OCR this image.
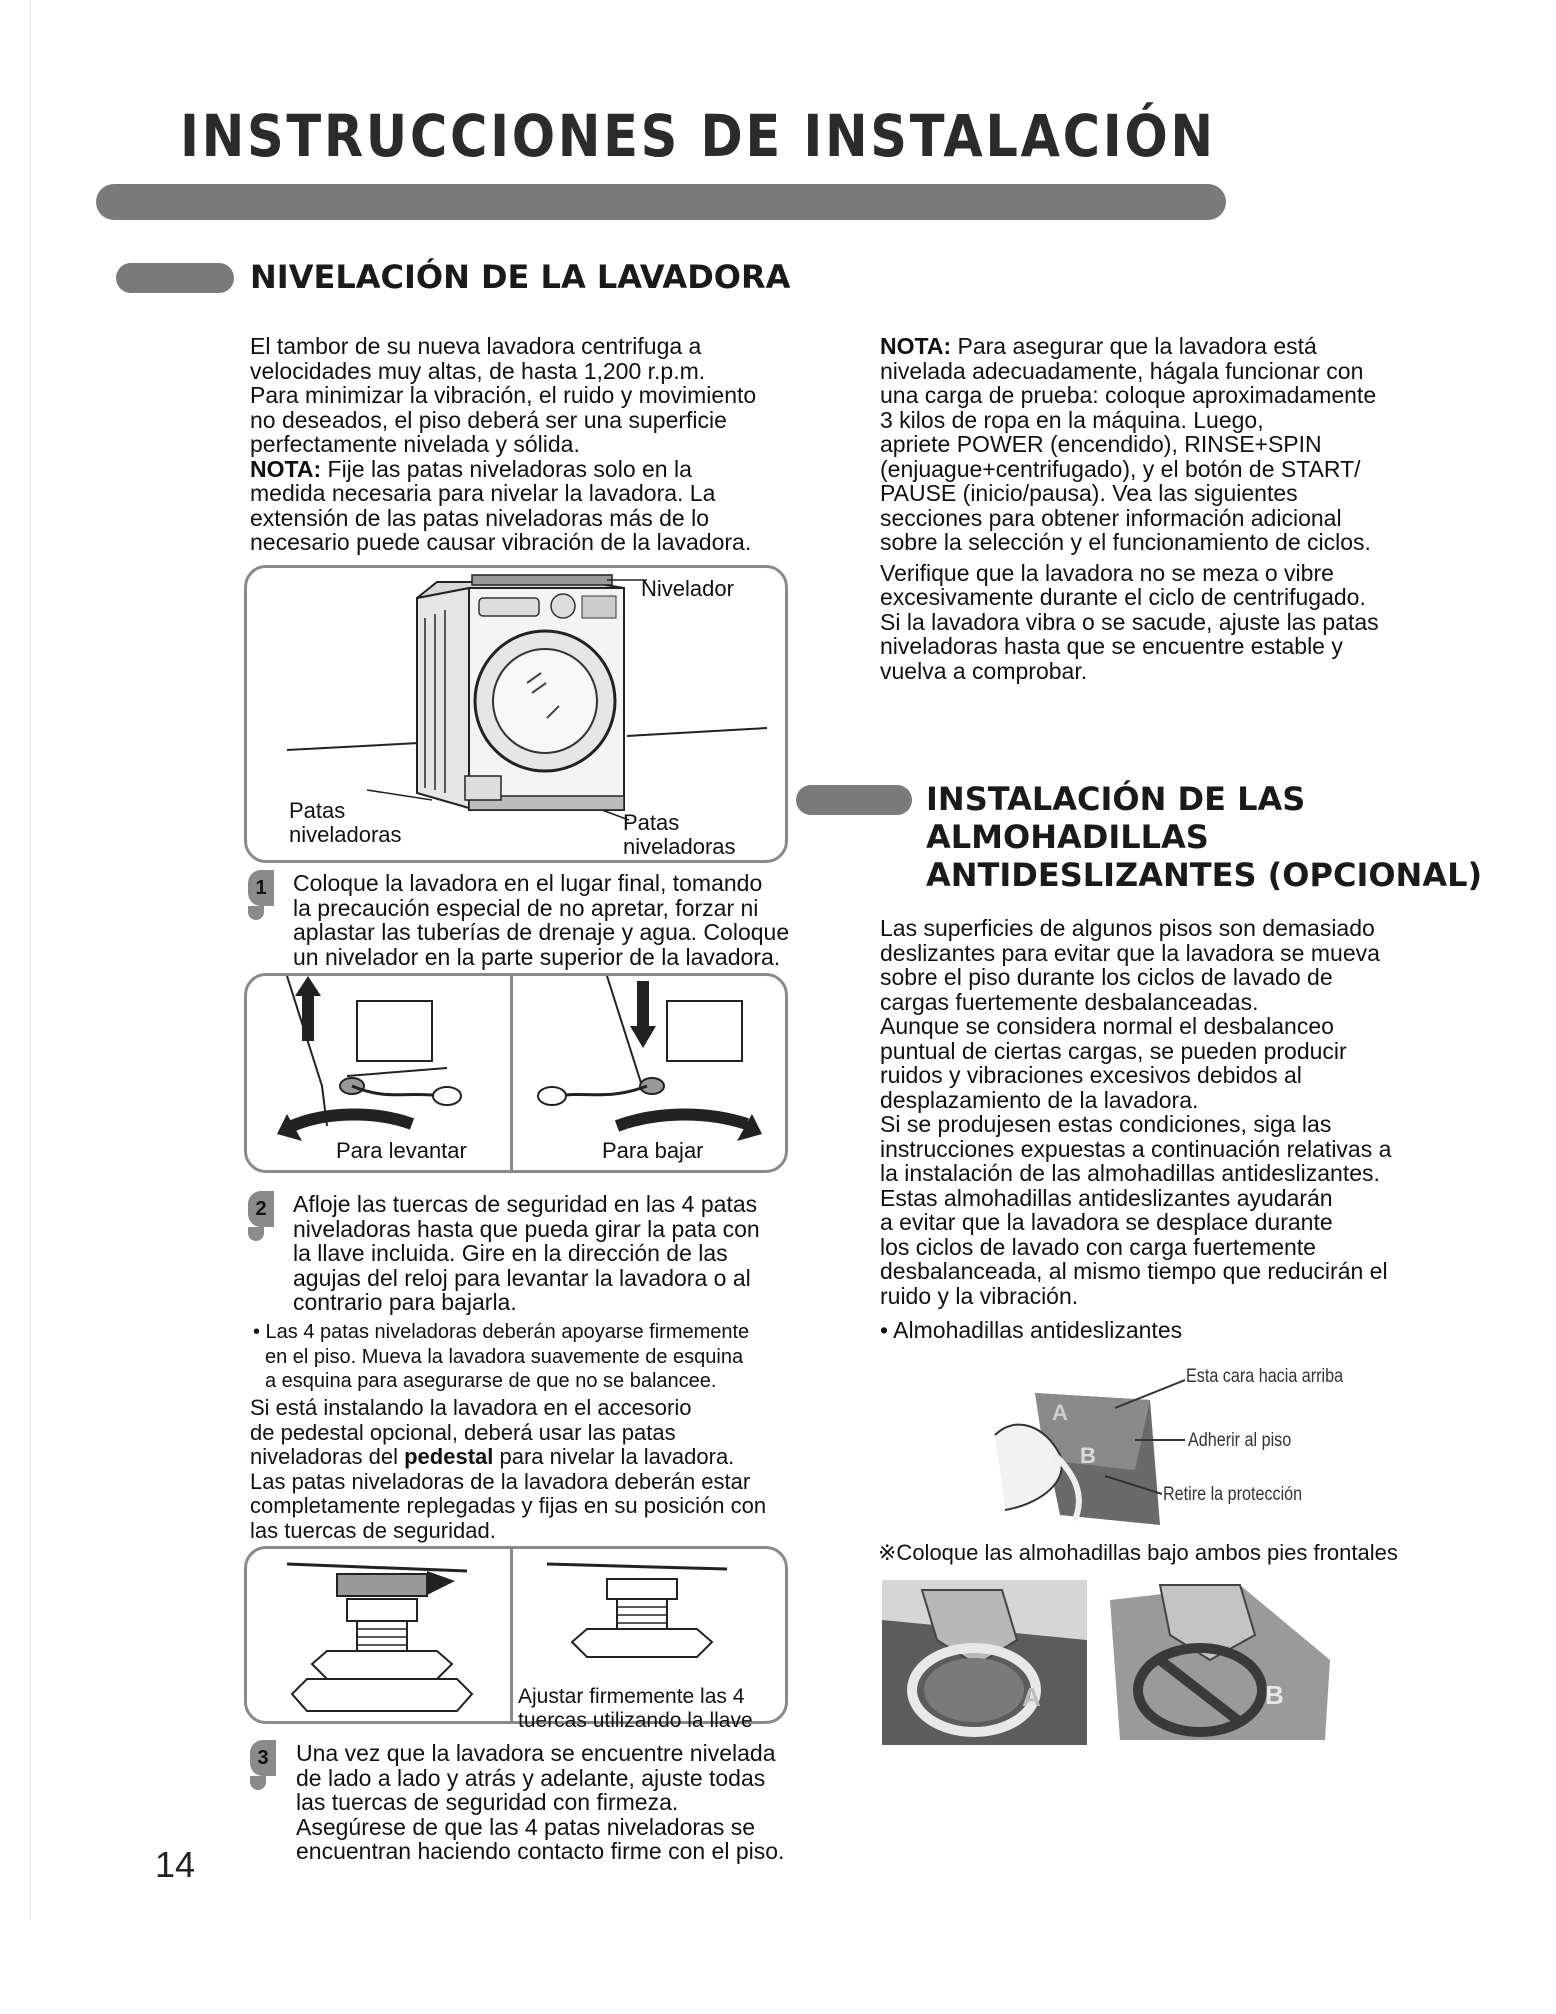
INSTRUCCIONES DE INSTALACIÓN
NIVELACIÓN DE LA LAVADORA
El tambor de su nueva lavadora centrifuga a
velocidades muy altas, de hasta 1,200 r.p.m.
Para minimizar la vibración, el ruido y movimiento
no deseados, el piso deberá ser una superficie
perfectamente nivelada y sólida.
NOTA: Fije las patas niveladoras solo en la
medida necesaria para nivelar la lavadora. La
extensión de las patas niveladoras más de lo
necesario puede causar vibración de la lavadora.
Nivelador
Patas
niveladoras	Patas
niveladoras
1	Coloque la lavadora en el lugar final, tomando
la precaución especial de no apretar, forzar ni
aplastar las tuberías de drenaje y agua. Coloque
un nivelador en la parte superior de la lavadora.
Para levantar	Para bajar
2	Afloje las tuercas de seguridad en las 4 patas
niveladoras hasta que pueda girar la pata con
la llave incluida. Gire en la dirección de las
agujas del reloj para levantar la lavadora o al
contrario para bajarla.
• Las 4 patas niveladoras deberán apoyarse firmemente
en el piso. Mueva la lavadora suavemente de esquina
a esquina para asegurarse de que no se balancee.
Si está instalando la lavadora en el accesorio
de pedestal opcional, deberá usar las patas
niveladoras del pedestal para nivelar la lavadora.
Las patas niveladoras de la lavadora deberán estar
completamente replegadas y fijas en su posición con
las tuercas de seguridad.
Ajustar firmemente las 4
tuercas utilizando la llave
3	Una vez que la lavadora se encuentre nivelada
de lado a lado y atrás y adelante, ajuste todas
las tuercas de seguridad con firmeza.
Asegúrese de que las 4 patas niveladoras se
encuentran haciendo contacto firme con el piso.
14
NOTA: Para asegurar que la lavadora está
nivelada adecuadamente, hágala funcionar con
una carga de prueba: coloque aproximadamente
3 kilos de ropa en la máquina. Luego,
apriete POWER (encendido), RINSE+SPIN
(enjuague+centrifugado), y el botón de START/
PAUSE (inicio/pausa). Vea las siguientes
secciones para obtener información adicional
sobre la selección y el funcionamiento de ciclos.
Verifique que la lavadora no se meza o vibre
excesivamente durante el ciclo de centrifugado.
Si la lavadora vibra o se sacude, ajuste las patas
niveladoras hasta que se encuentre estable y
vuelva a comprobar.
INSTALACIÓN DE LAS
ALMOHADILLAS
ANTIDESLIZANTES (OPCIONAL)
Las superficies de algunos pisos son demasiado
deslizantes para evitar que la lavadora se mueva
sobre el piso durante los ciclos de lavado de
cargas fuertemente desbalanceadas.
Aunque se considera normal el desbalanceo
puntual de ciertas cargas, se pueden producir
ruidos y vibraciones excesivos debidos al
desplazamiento de la lavadora.
Si se produjesen estas condiciones, siga las
instrucciones expuestas a continuación relativas a
la instalación de las almohadillas antideslizantes.
Estas almohadillas antideslizantes ayudarán
a evitar que la lavadora se desplace durante
los ciclos de lavado con carga fuertemente
desbalanceada, al mismo tiempo que reducirán el
ruido y la vibración.
• Almohadillas antideslizantes
A
B
Esta cara hacia arriba
Adherir al piso
Retire la protección
※Coloque las almohadillas bajo ambos pies frontales
A	B
